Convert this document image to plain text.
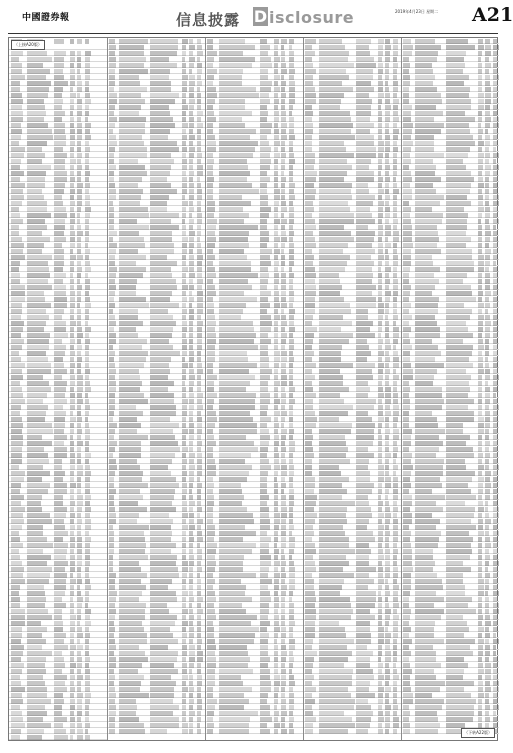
中國證券報	信息披露 D isclosure	2019年4月23日 星期二 A21
（上接A20版）
（下转A22版）
